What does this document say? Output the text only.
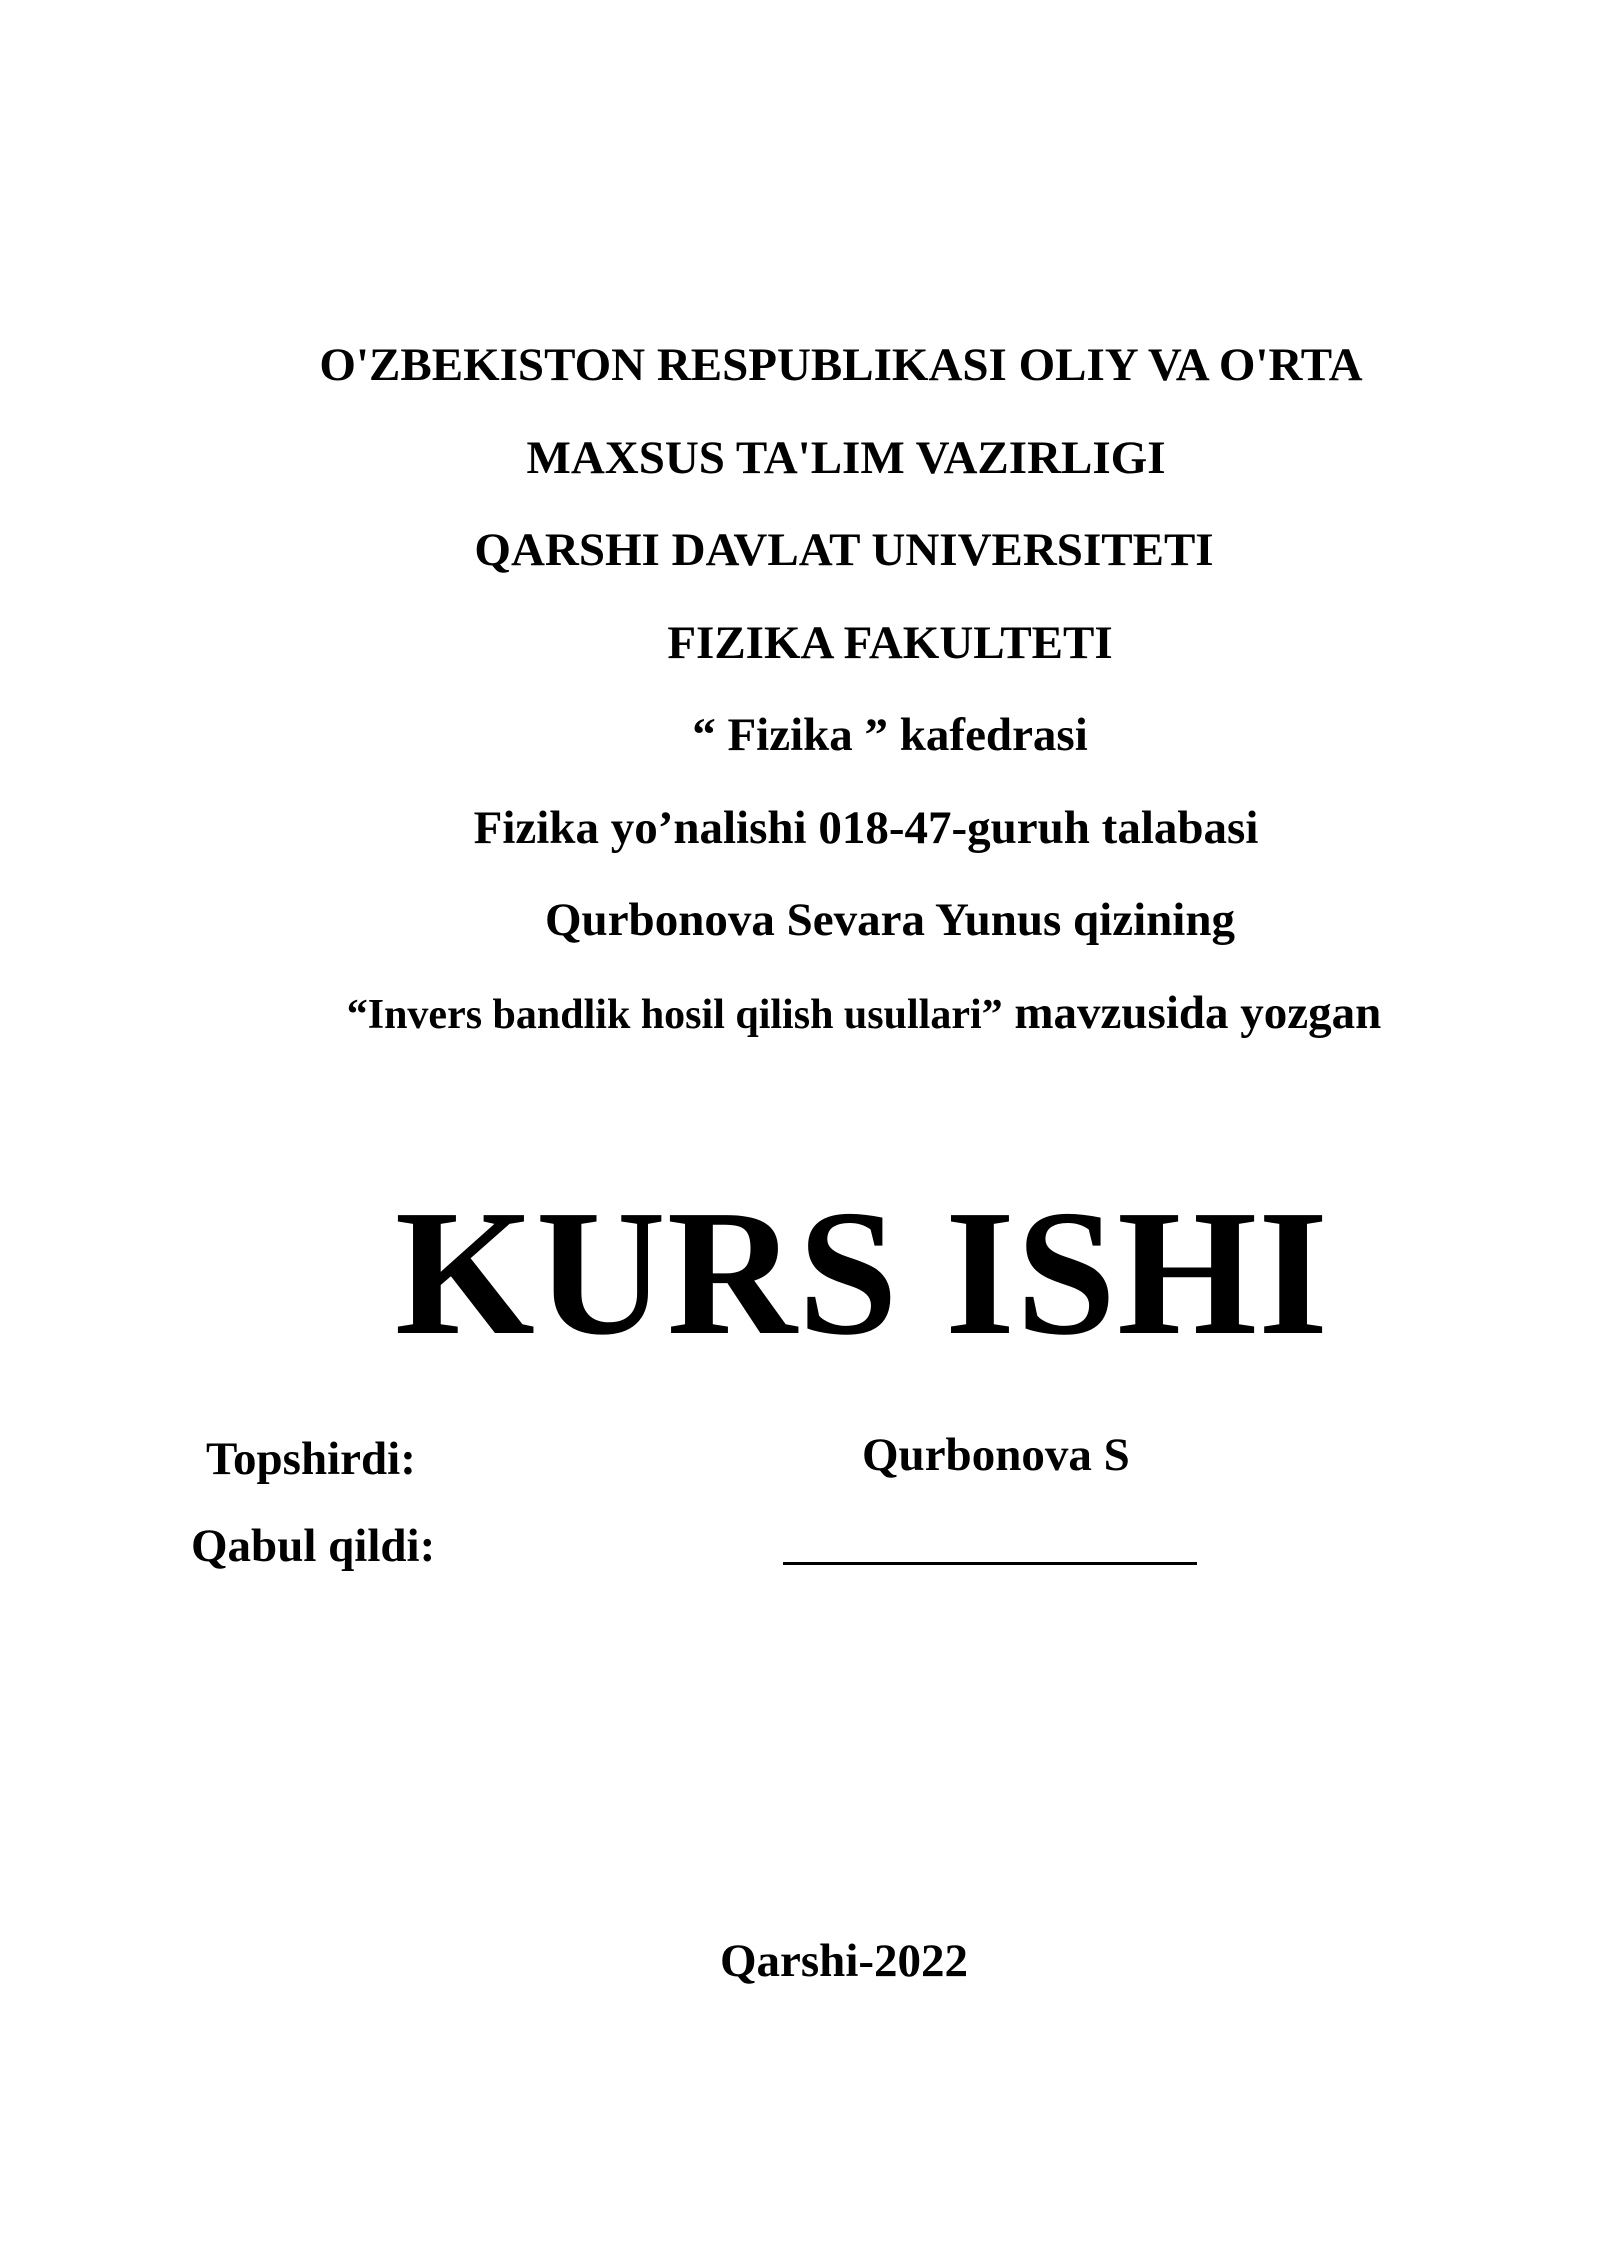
O'ZBEKISTON RESPUBLIKASI OLIY VA O'RTA
MAXSUS TA'LIM VAZIRLIGI
QARSHI DAVLAT UNIVERSITETI
FIZIKA FAKULTETI
“ Fizika ” kafedrasi
Fizika yo’nalishi 018-47-guruh talabasi
Qurbonova Sevara Yunus qizining
“Invers bandlik hosil qilish usullari” mavzusida yozgan
KURS ISHI
Topshirdi:	Qurbonova S
Qabul qildi:
Qarshi-2022
